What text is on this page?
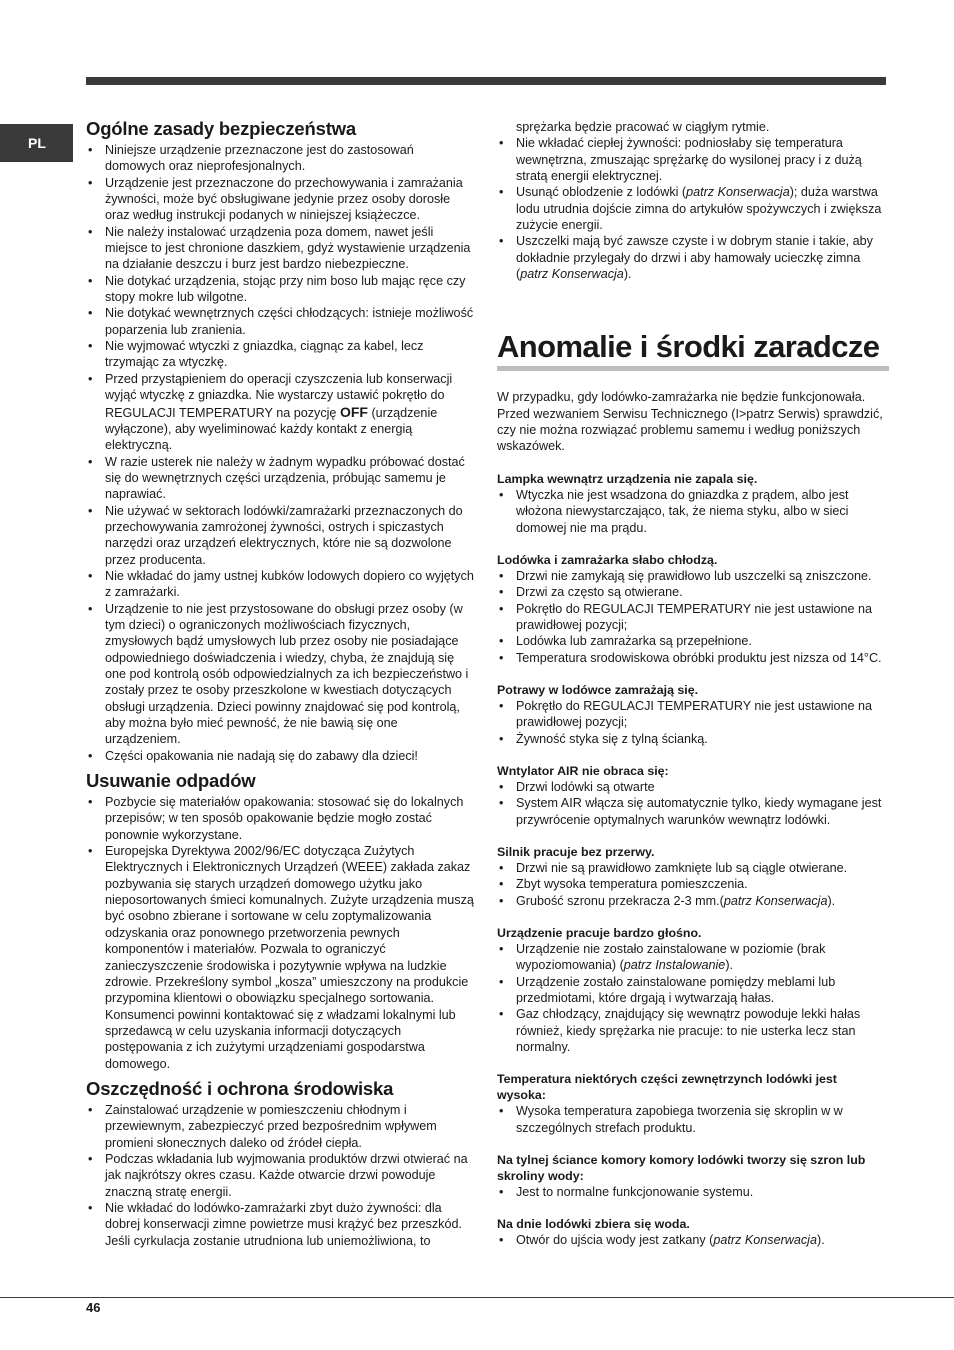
PL
Ogólne zasady bezpieczeństwa
• Niniejsze urządzenie przeznaczone jest do zastosowań domowych oraz nieprofesjonalnych.
• Urządzenie jest przeznaczone do przechowywania i zamrażania żywności, może być obsługiwane jedynie przez osoby dorosłe oraz według instrukcji podanych w niniejszej książeczce.
• Nie należy instalować urządzenia poza domem, nawet jeśli miejsce to jest chronione daszkiem, gdyż wystawienie urządzenia na działanie deszczu i burz jest bardzo niebezpieczne.
• Nie dotykać urządzenia, stojąc przy nim boso lub mając ręce czy stopy mokre lub wilgotne.
• Nie dotykać wewnętrznych części chłodzących: istnieje możliwość poparzenia lub zranienia.
• Nie wyjmować wtyczki z gniazdka, ciągnąc za kabel, lecz trzymając za wtyczkę.
• Przed przystąpieniem do operacji czyszczenia lub konserwacji wyjąć wtyczkę z gniazdka. Nie wystarczy ustawić pokrętło do REGULACJI TEMPERATURY na pozycję OFF (urządzenie wyłączone), aby wyeliminować każdy kontakt z energią elektryczną.
• W razie usterek nie należy w żadnym wypadku próbować dostać się do wewnętrznych części urządzenia, próbując samemu je naprawiać.
• Nie używać w sektorach lodówki/zamrażarki przeznaczonych do przechowywania zamrożonej żywności, ostrych i spiczastych narzędzi oraz urządzeń elektrycznych, które nie są dozwolone przez producenta.
• Nie wkładać do jamy ustnej kubków lodowych dopiero co wyjętych z zamrażarki.
• Urządzenie to nie jest przystosowane do obsługi przez osoby (w tym dzieci) o ograniczonych możliwościach fizycznych, zmysłowych bądź umysłowych lub przez osoby nie posiadające odpowiedniego doświadczenia i wiedzy, chyba, że znajdują się one pod kontrolą osób odpowiedzialnych za ich bezpieczeństwo i zostały przez te osoby przeszkolone w kwestiach dotyczących obsługi urządzenia. Dzieci powinny znajdować się pod kontrolą, aby można było mieć pewność, że nie bawią się one urządzeniem.
• Części opakowania nie nadają się do zabawy dla dzieci!
Usuwanie odpadów
• Pozbycie się materiałów opakowania: stosować się do lokalnych przepisów; w ten sposób opakowanie będzie mogło zostać ponownie wykorzystane.
• Europejska Dyrektywa 2002/96/EC dotycząca Zużytych Elektrycznych i Elektronicznych Urządzeń (WEEE) zakłada zakaz pozbywania się starych urządzeń domowego użytku jako nieposortowanych śmieci komunalnych. Zużyte urządzenia muszą być osobno zbierane i sortowane w celu zoptymalizowania odzyskania oraz ponownego przetworzenia pewnych komponentów i materiałów. Pozwala to ograniczyć zanieczyszczenie środowiska i pozytywnie wpływa na ludzkie zdrowie. Przekreślony symbol „kosza” umieszczony na produkcie przypomina klientowi o obowiązku specjalnego sortowania. Konsumenci powinni kontaktować się z władzami lokalnymi lub sprzedawcą w celu uzyskania informacji dotyczących postępowania z ich zużytymi urządzeniami gospodarstwa domowego.
Oszczędność i ochrona środowiska
• Zainstalować urządzenie w pomieszczeniu chłodnym i przewiewnym, zabezpieczyć przed bezpośrednim wpływem promieni słonecznych daleko od źródeł ciepła.
• Podczas wkładania lub wyjmowania produktów drzwi otwierać na jak najkrótszy okres czasu. Każde otwarcie drzwi powoduje znaczną stratę energii.
• Nie wkładać do lodówko-zamrażarki zbyt dużo żywności: dla dobrej konserwacji zimne powietrze musi krążyć bez przeszkód. Jeśli cyrkulacja zostanie utrudniona lub uniemożliwiona, to
sprężarka będzie pracować w ciągłym rytmie.
• Nie wkładać ciepłej żywności: podniosłaby się temperatura wewnętrzna, zmuszając sprężarkę do wysilonej pracy i z dużą stratą energii elektrycznej.
• Usunąć oblodzenie z lodówki (patrz Konserwacja); duża warstwa lodu utrudnia dojście zimna do artykułów spożywczych i zwiększa zużycie energii.
• Uszczelki mają być zawsze czyste i w dobrym stanie i takie, aby dokładnie przylegały do drzwi i aby hamowały ucieczkę zimna (patrz Konserwacja).
Anomalie i środki zaradcze

W przypadku, gdy lodówko-zamrażarka nie będzie funkcjonowała. Przed wezwaniem Serwisu Technicznego (I>patrz Serwis) sprawdzić, czy nie można rozwiązać problemu samemu i według poniższych wskazówek.

Lampka wewnątrz urządzenia nie zapala się.
• Wtyczka nie jest wsadzona do gniazdka z prądem, albo jest włożona niewystarczająco, tak, że niema styku, albo w sieci domowej nie ma prądu.
Lodówka i zamrażarka słabo chłodzą.
• Drzwi nie zamykają się prawidłowo lub uszczelki są zniszczone.
• Drzwi za często są otwierane.
• Pokrętło do REGULACJI TEMPERATURY nie jest ustawione na prawidłowej pozycji;
• Lodówka lub zamrażarka są przepełnione.
• Temperatura srodowiskowa obróbki produktu jest nizsza od 14°C.
Potrawy w lodówce zamrażają się.
• Pokrętło do REGULACJI TEMPERATURY nie jest ustawione na prawidłowej pozycji;
• Żywność styka się z tylną ścianką.
Wntylator AIR nie obraca się:
• Drzwi lodówki są otwarte
• System AIR włącza się automatycznie tylko, kiedy wymagane jest przywrócenie optymalnych warunków wewnątrz lodówki.
Silnik pracuje bez przerwy.
• Drzwi nie są prawidłowo zamknięte lub są ciągle otwierane.
• Zbyt wysoka temperatura pomieszczenia.
• Grubość szronu przekracza 2-3 mm.(patrz Konserwacja).
Urządzenie pracuje bardzo głośno.
• Urządzenie nie zostało zainstalowane w poziomie (brak wypoziomowania) (patrz Instalowanie).
• Urządzenie zostało zainstalowane pomiędzy meblami lub przedmiotami, które drgają i wytwarzają hałas.
• Gaz chłodzący, znajdujący się wewnątrz powoduje lekki hałas również, kiedy sprężarka nie pracuje: to nie usterka lecz stan normalny.
Temperatura niektórych części zewnętrzynch lodówki jest wysoka:
• Wysoka temperatura zapobiega tworzenia się skroplin w w szczególnych strefach produktu.
Na tylnej ściance komory komory lodówki tworzy się szron lub skroliny wody:
• Jest to normalne funkcjonowanie systemu.
Na dnie lodówki zbiera się woda.
• Otwór do ujścia wody jest zatkany (patrz Konserwacja).
46
